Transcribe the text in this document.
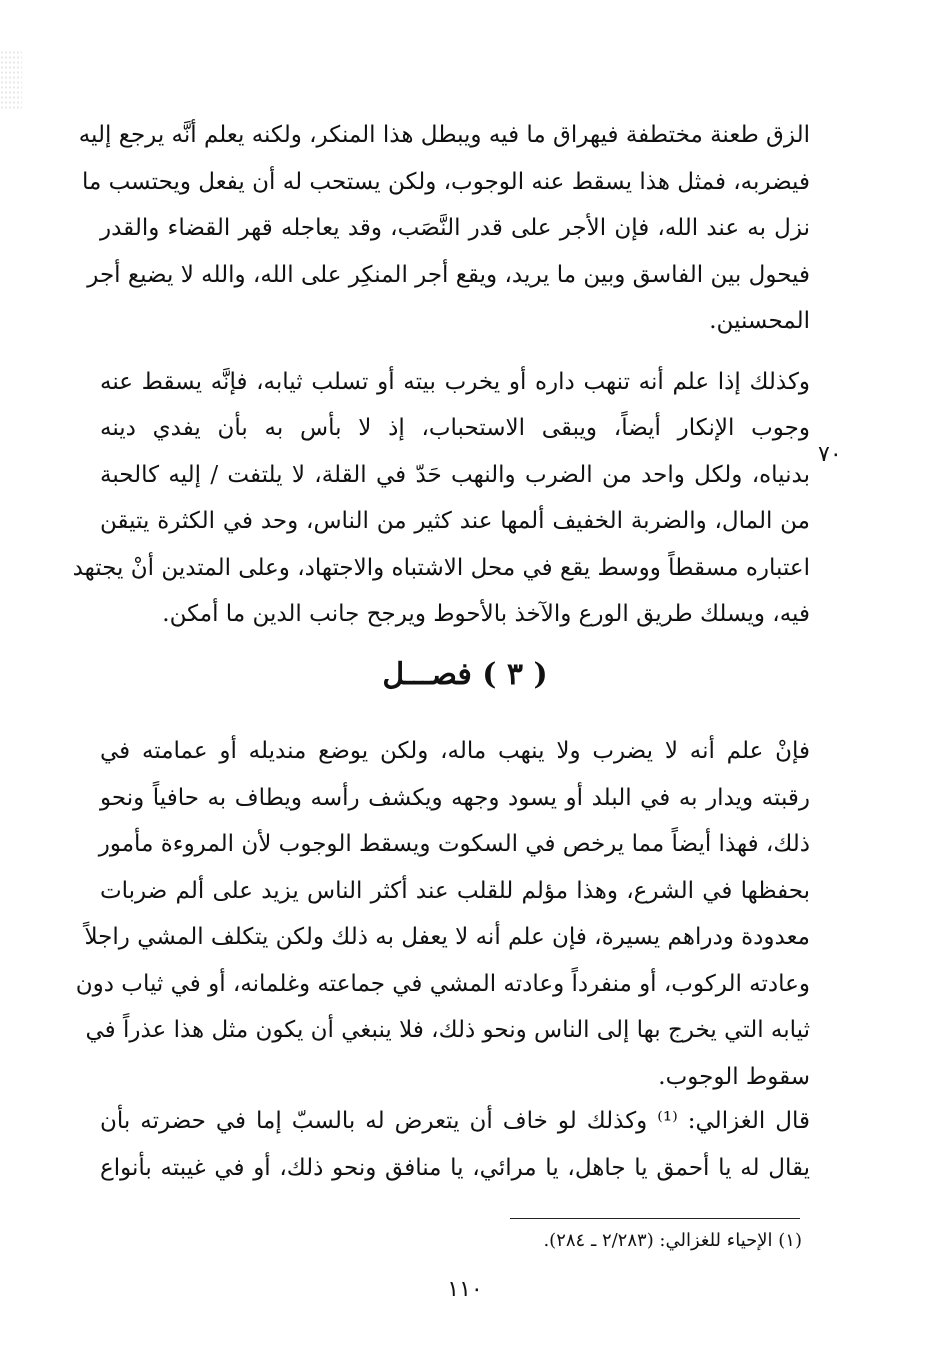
الزق طعنة مختطفة فيهراق ما فيه ويبطل هذا المنكر، ولكنه يعلم أنَّه يرجع إليه

فيضربه، فمثل هذا يسقط عنه الوجوب، ولكن يستحب له أن يفعل ويحتسب ما

نزل به عند الله، فإن الأجر على قدر النَّصَب، وقد يعاجله قهر القضاء والقدر

فيحول بين الفاسق وبين ما يريد، ويقع أجر المنكِر على الله، والله لا يضيع أجر

المحسنين.

وكذلك إذا علم أنه تنهب داره أو يخرب بيته أو تسلب ثيابه، فإنَّه يسقط عنه

وجوب الإنكار أيضاً، ويبقى الاستحباب، إذ لا بأس به بأن يفدي دينه

بدنياه، ولكل واحد من الضرب والنهب حَدّ في القلة، لا يلتفت / إليه كالحبة

من المال، والضربة الخفيف ألمها عند كثير من الناس، وحد في الكثرة يتيقن

اعتباره مسقطاً ووسط يقع في محل الاشتباه والاجتهاد، وعلى المتدين أنْ يجتهد

فيه، ويسلك طريق الورع والآخذ بالأحوط ويرجح جانب الدين ما أمكن.

٧٠
( ٣ ) فصـــل

فإنْ علم أنه لا يضرب ولا ينهب ماله، ولكن يوضع منديله أو عمامته في

رقبته ويدار به في البلد أو يسود وجهه ويكشف رأسه ويطاف به حافياً ونحو

ذلك، فهذا أيضاً مما يرخص في السكوت ويسقط الوجوب لأن المروءة مأمور

بحفظها في الشرع، وهذا مؤلم للقلب عند أكثر الناس يزيد على ألم ضربات

معدودة ودراهم يسيرة، فإن علم أنه لا يعفل به ذلك ولكن يتكلف المشي راجلاً

وعادته الركوب، أو منفرداً وعادته المشي في جماعته وغلمانه، أو في ثياب دون

ثيابه التي يخرج بها إلى الناس ونحو ذلك، فلا ينبغي أن يكون مثل هذا عذراً في

سقوط الوجوب.

قال الغزالي: ⁽¹⁾ وكذلك لو خاف أن يتعرض له بالسبّ إما في حضرته بأن

يقال له يا أحمق يا جاهل، يا مرائي، يا منافق ونحو ذلك، أو في غيبته بأنواع

(١) الإحياء للغزالي: (٢/٢٨٣ ـ ٢٨٤).
١١٠
